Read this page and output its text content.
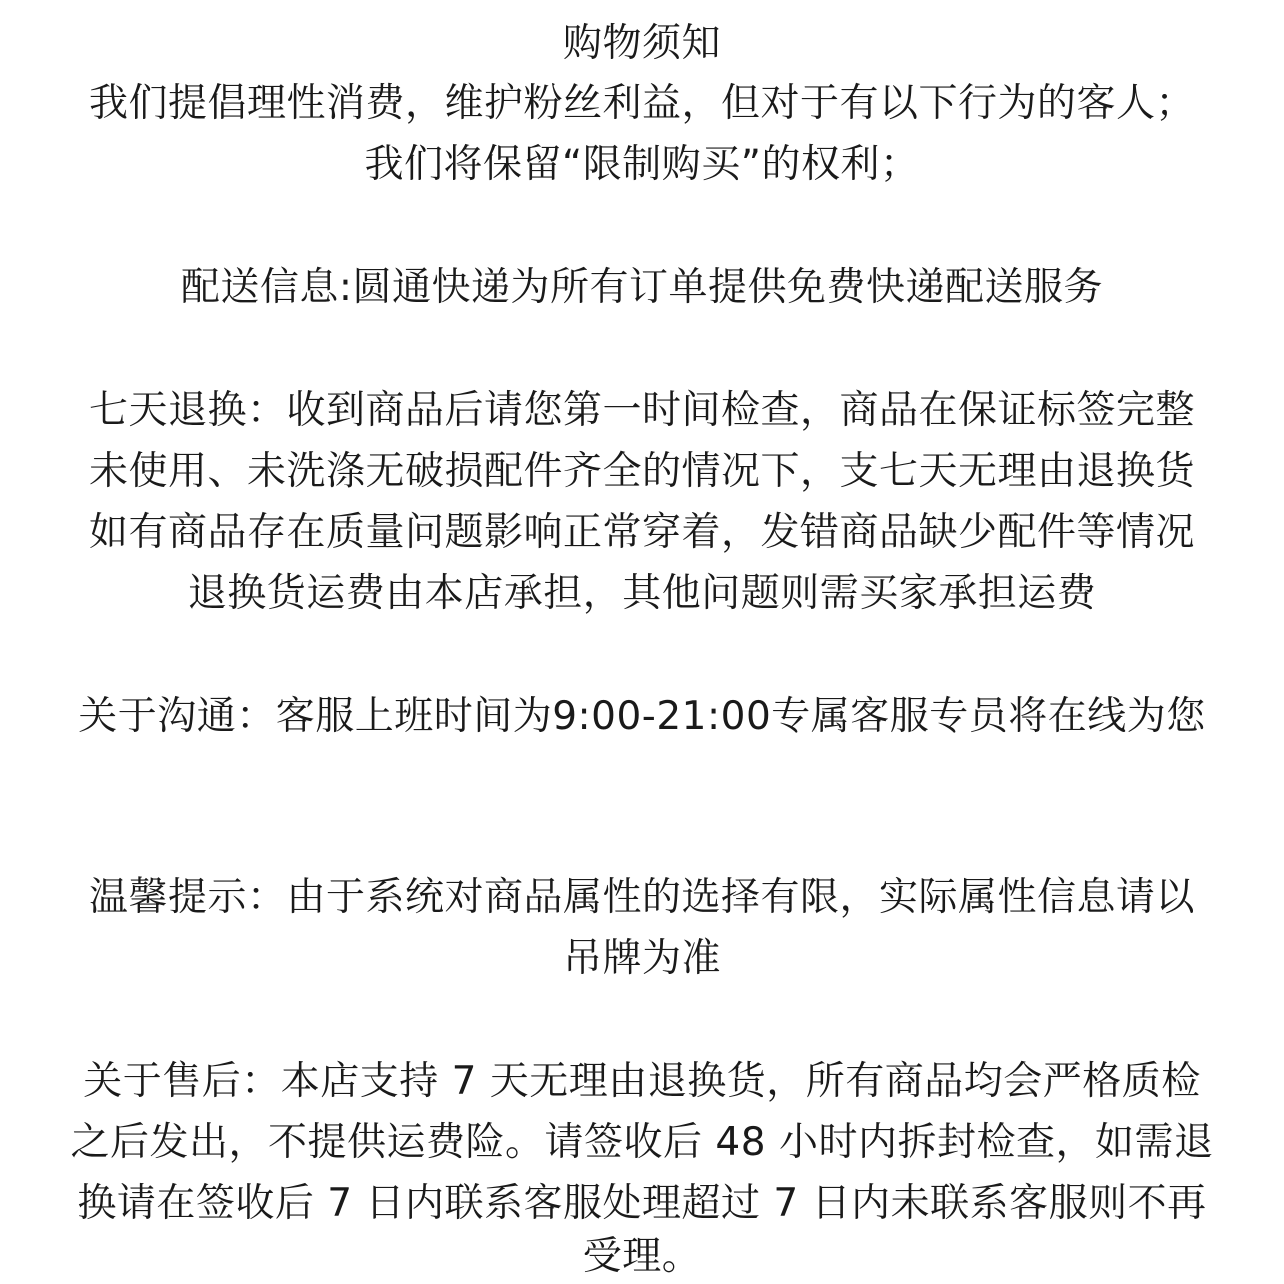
购物须知
我们提倡理性消费，维护粉丝利益，但对于有以下行为的客人；
我们将保留“限制购买”的权利；
配送信息:圆通快递为所有订单提供免费快递配送服务
七天退换：收到商品后请您第一时间检查，商品在保证标签完整
未使用、未洗涤无破损配件齐全的情况下，支七天无理由退换货
如有商品存在质量问题影响正常穿着，发错商品缺少配件等情况
退换货运费由本店承担，其他问题则需买家承担运费
关于沟通：客服上班时间为9:00-21:00专属客服专员将在线为您
温馨提示：由于系统对商品属性的选择有限，实际属性信息请以
吊牌为准
关于售后：本店支持 7 天无理由退换货，所有商品均会严格质检
之后发出，不提供运费险。请签收后 48 小时内拆封检查，如需退
换请在签收后 7 日内联系客服处理超过 7 日内未联系客服则不再
受理。
